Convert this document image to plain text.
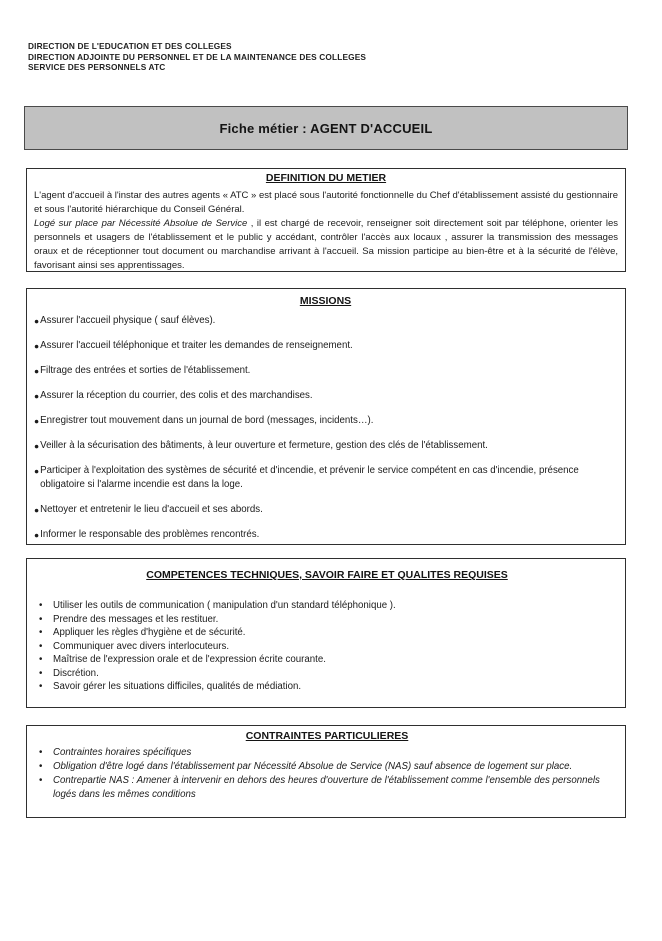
DIRECTION DE L'EDUCATION ET DES COLLEGES
DIRECTION ADJOINTE DU PERSONNEL ET DE LA MAINTENANCE DES COLLEGES
SERVICE DES PERSONNELS ATC
Fiche métier : AGENT D'ACCUEIL
DEFINITION DU METIER
L'agent d'accueil à l'instar des autres agents « ATC » est placé sous l'autorité fonctionnelle du Chef d'établissement assisté du gestionnaire et sous l'autorité hiérarchique du Conseil Général.
Logé sur place par Nécessité Absolue de Service , il est chargé de recevoir, renseigner soit directement soit par téléphone, orienter les personnels et usagers de l'établissement et le public y accédant, contrôler l'accès aux locaux , assurer la transmission des messages oraux et de réceptionner tout document ou marchandise arrivant à l'accueil. Sa mission participe au bien-être et à la sécurité de l'élève, favorisant ainsi ses apprentissages.
MISSIONS
● Assurer l'accueil physique ( sauf élèves).
● Assurer l'accueil téléphonique et traiter les demandes de renseignement.
● Filtrage des entrées et sorties de l'établissement.
● Assurer la réception du courrier, des colis et des marchandises.
● Enregistrer tout mouvement dans un journal de bord (messages, incidents…).
● Veiller à la sécurisation des bâtiments, à leur ouverture et fermeture, gestion des clés de l'établissement.
● Participer à l'exploitation des systèmes de sécurité et d'incendie, et prévenir le service compétent en cas d'incendie, présence obligatoire si l'alarme incendie est dans la loge.
● Nettoyer et entretenir le lieu d'accueil et ses abords.
● Informer le responsable des problèmes rencontrés.
COMPETENCES TECHNIQUES, SAVOIR FAIRE ET QUALITES REQUISES
•	Utiliser les outils de communication ( manipulation d'un standard téléphonique ).
•	Prendre des messages et les restituer.
•	Appliquer les règles d'hygiène et de sécurité.
•	Communiquer avec divers interlocuteurs.
•	Maîtrise de l'expression orale et de l'expression écrite courante.
•	Discrétion.
•	Savoir gérer les situations difficiles, qualités de médiation.
CONTRAINTES PARTICULIERES
•	Contraintes horaires spécifiques
•	Obligation d'être logé dans l'établissement par Nécessité Absolue de Service (NAS) sauf absence de logement sur place.
•	Contrepartie NAS : Amener à intervenir en dehors des heures d'ouverture de l'établissement comme l'ensemble des personnels logés dans les mêmes conditions
